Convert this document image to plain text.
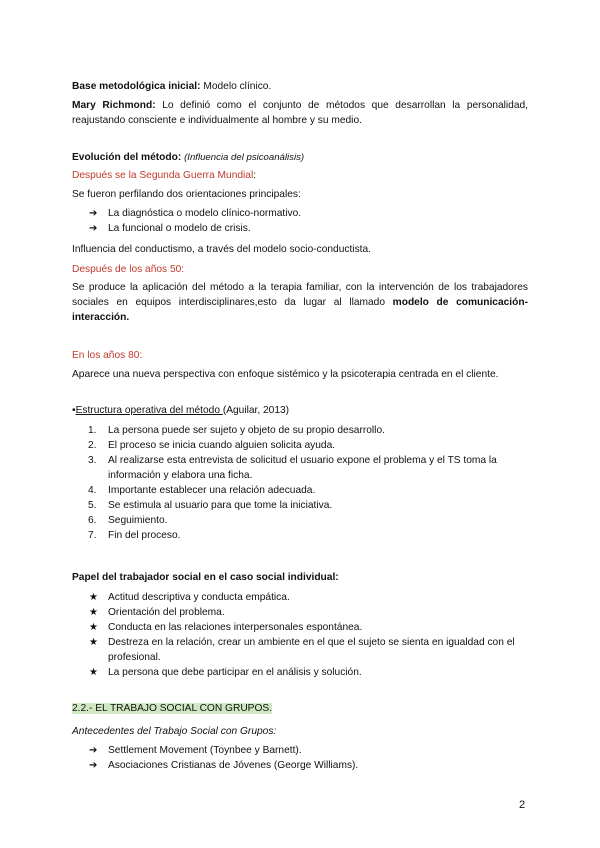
Base metodológica inicial: Modelo clínico.

Mary Richmond: Lo definió como el conjunto de métodos que desarrollan la personalidad, reajustando consciente e individualmente al hombre y su medio.

Evolución del método: (Influencia del psicoanálisis)

Después se la Segunda Guerra Mundial:

Se fueron perfilando dos orientaciones principales:

➔	La diagnóstica o modelo clínico-normativo.
➔	La funcional o modelo de crisis.

Influencia del conductismo, a través del modelo socio-conductista.

Después de los años 50:

Se produce la aplicación del método a la terapia familiar, con la intervención de los trabajadores sociales en equipos interdisciplinares,esto da lugar al llamado modelo de comunicación-interacción.

En los años 80:

Aparece una nueva perspectiva con enfoque sistémico y la psicoterapia centrada en el cliente.

•Estructura operativa del método (Aguilar, 2013)

1.	La persona puede ser sujeto y objeto de su propio desarrollo.
2.	El proceso se inicia cuando alguien solicita ayuda.
3.	Al realizarse esta entrevista de solicitud el usuario expone el problema y el TS toma la información y elabora una ficha.
4.	Importante establecer una relación adecuada.
5.	Se estimula al usuario para que tome la iniciativa.
6.	Seguimiento.
7.	Fin del proceso.

Papel del trabajador social en el caso social individual:

★ Actitud descriptiva y conducta empática.
★ Orientación del problema.
★ Conducta en las relaciones interpersonales espontánea.
★ Destreza en la relación, crear un ambiente en el que el sujeto se sienta en igualdad con el profesional.
★ La persona que debe participar en el análisis y solución.

2.2.- EL TRABAJO SOCIAL CON GRUPOS.

Antecedentes del Trabajo Social con Grupos:

➔	Settlement Movement (Toynbee y Barnett).
➔	Asociaciones Cristianas de Jóvenes (George Williams).
2
